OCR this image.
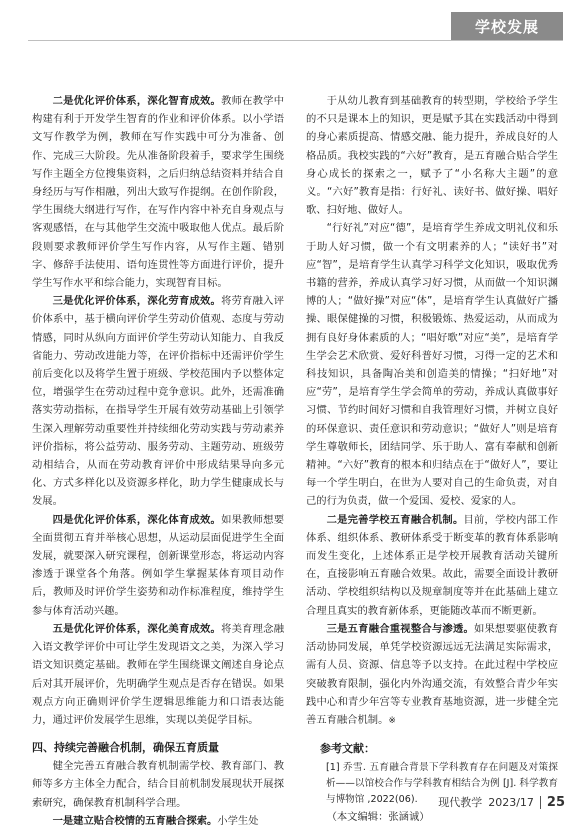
学校发展

二是优化评价体系，深化智育成效。教师在教学中构建有利于开发学生智育的作业和评价体系。以小学语文写作教学为例，教师在写作实践中可分为准备、创作、完成三大阶段。先从准备阶段着手，要求学生围绕写作主题全方位搜集资料，之后归纳总结资料并结合自身经历与写作相融，列出大致写作提纲。在创作阶段，学生围绕大纲进行写作，在写作内容中补充自身观点与客观感悟，在与其他学生交流中吸取他人优点。最后阶段则要求教师评价学生写作内容，从写作主题、错别字、修辞手法使用、语句连贯性等方面进行评价，提升学生写作水平和综合能力，实现智育目标。

三是优化评价体系，深化劳育成效。将劳育融入评价体系中，基于横向评价学生劳动价值观、态度与劳动情感，同时从纵向方面评价学生劳动认知能力、自我反省能力、劳动改进能力等，在评价指标中还需评价学生前后变化以及将学生置于班级、学校范围内予以整体定位，增强学生在劳动过程中竞争意识。此外，还需准确落实劳动指标，在指导学生开展有效劳动基础上引领学生深入理解劳动重要性并持续细化劳动实践与劳动素养评价指标，将公益劳动、服务劳动、主题劳动、班级劳动相结合，从而在劳动教育评价中形成结果导向多元化、方式多样化以及资源多样化，助力学生健康成长与发展。

四是优化评价体系，深化体育成效。如果教师想要全面贯彻五育并举核心思想，从运动层面促进学生全面发展，就要深入研究课程，创新课堂形态，将运动内容渗透于课堂各个角落。例如学生掌握某体育项目动作后，教师及时评价学生姿势和动作标准程度，维持学生参与体育活动兴趣。

五是优化评价体系，深化美育成效。将美育理念融入语文教学评价中可让学生发现语文之美，为深入学习语文知识奠定基础。教师在学生围绕课文阐述自身论点后对其开展评价，先明确学生观点是否存在错误。如果观点方向正确则评价学生逻辑思维能力和口语表达能力，通过评价发展学生思维，实现以美促学目标。

四、持续完善融合机制，确保五育质量

健全完善五育融合教育机制需学校、教育部门、教师等多方主体全力配合，结合目前机制发展现状开展探索研究，确保教育机制科学合理。

一是建立贴合校情的五育融合探索。小学生处

于从幼儿教育到基础教育的转型期，学校给予学生的不只是课本上的知识，更是赋予其在实践活动中得到的身心素质提高、情感交融、能力提升，养成良好的人格品质。我校实践的“六好”教育，是五育融合贴合学生身心成长的探索之一，赋予了“小名称大主题”的意义。“六好”教育是指：行好礼、读好书、做好操、唱好歌、扫好地、做好人。

“行好礼”对应“德”，是培育学生养成文明礼仪和乐于助人好习惯，做一个有文明素养的人；“读好书”对应“智”，是培育学生认真学习科学文化知识，吸取优秀书籍的营养，养成认真学习好习惯，从而做一个知识渊博的人；“做好操”对应“体”，是培育学生认真做好广播操、眼保健操的习惯，积极锻炼、热爱运动，从而成为拥有良好身体素质的人；“唱好歌”对应“美”，是培育学生学会艺术欣赏、爱好科普好习惯，习得一定的艺术和科技知识，具备陶冶美和创造美的情操；“扫好地”对应“劳”，是培育学生学会简单的劳动，养成认真做事好习惯、节约时间好习惯和自我管理好习惯，并树立良好的环保意识、责任意识和劳动意识；“做好人”则是培育学生尊敬师长，团结同学、乐于助人、富有奉献和创新精神。“六好”教育的根本和归结点在于“做好人”，要让每一个学生明白，在世为人要对自己的生命负责，对自己的行为负责，做一个爱国、爱校、爱家的人。

二是完善学校五育融合机制。目前，学校内部工作体系、组织体系、教研体系受于断变革的教育体系影响而发生变化，上述体系正是学校开展教育活动关键所在，直接影响五育融合效果。故此，需要全面设计教研活动、学校组织结构以及规章制度等并在此基础上建立合理且真实的教育新体系，更能随改革而不断更新。

三是五育融合重视整合与渗透。如果想要驱使教育活动协同发展，单凭学校资源远远无法满足实际需求，需有人员、资源、信息等予以支持。在此过程中学校应突破教育限制，强化内外沟通交流，有效整合青少年实践中心和青少年宫等专业教育基地资源，进一步健全完善五育融合机制。※

参考文献：
[1] 乔雪. 五育融合背景下学科教育存在问题及对策探析——以馆校合作与学科教育相结合为例 [J]. 科学教育与博物馆 ,2022(06).

（本文编辑：张涵诚）

现代教学 2023/17 25
